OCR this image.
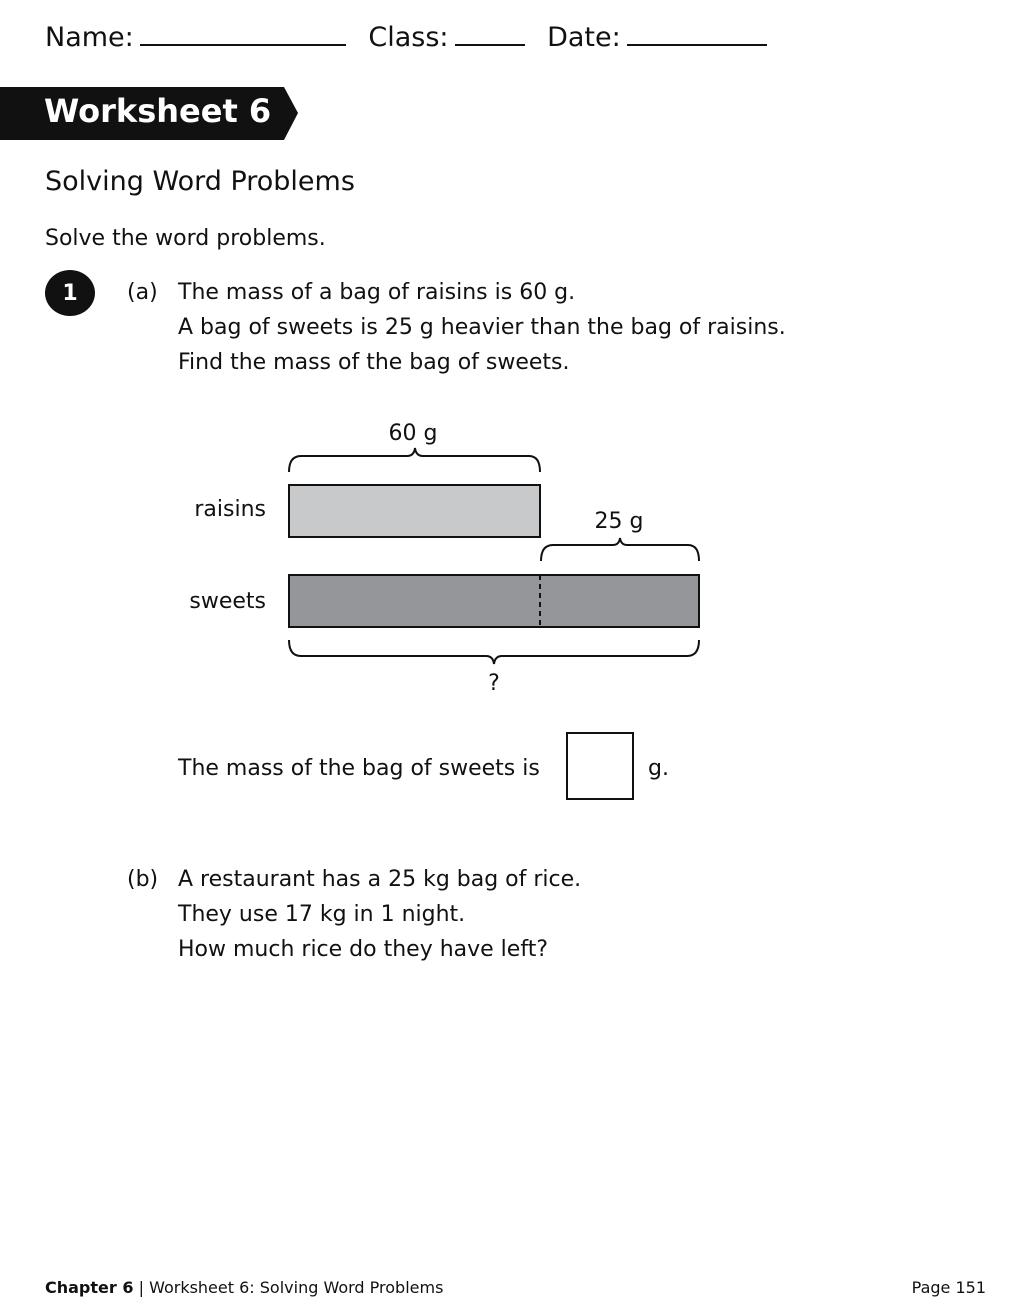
Name:	Class:	Date:
Worksheet 6
Solving Word Problems
Solve the word problems.
1	(a) The mass of a bag of raisins is 60 g.
A bag of sweets is 25 g heavier than the bag of raisins.
Find the mass of the bag of sweets.
60 g
raisins	25 g
sweets
?
The mass of the bag of sweets is	g.
(b) A restaurant has a 25 kg bag of rice.
They use 17 kg in 1 night.
How much rice do they have left?
Chapter 6 | Worksheet 6: Solving Word Problems	Page 151
